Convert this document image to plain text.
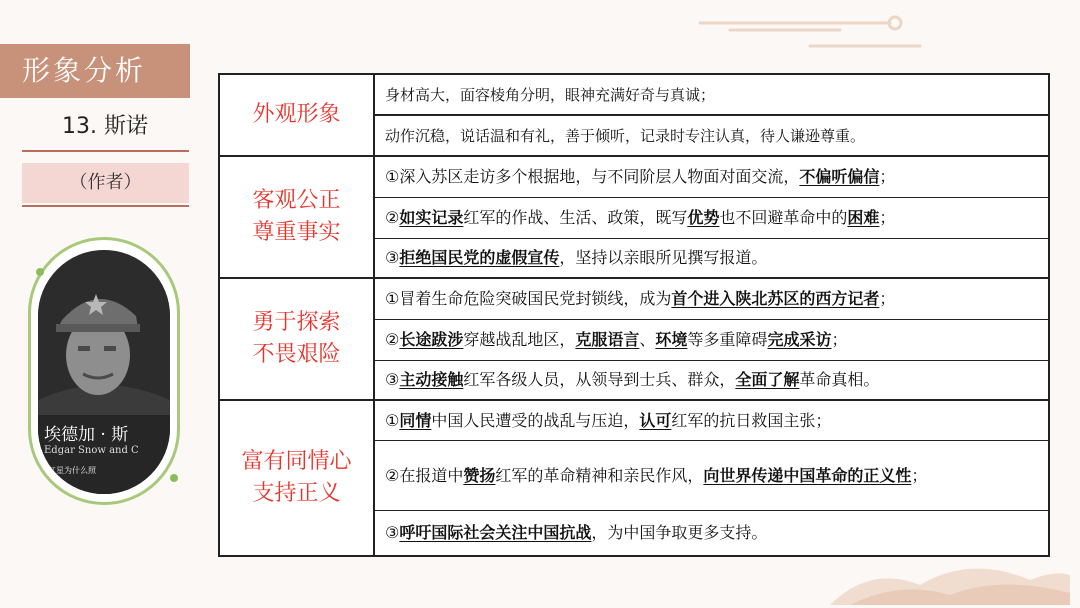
形象分析
13. 斯诺
（作者）
埃德加 · 斯
Edgar Snow and C
红星为什么照
外观形象
客观公正
尊重事实
勇于探索
不畏艰险
富有同情心
支持正义
身材高大，面容棱角分明，眼神充满好奇与真诚；
动作沉稳，说话温和有礼，善于倾听，记录时专注认真，待人谦逊尊重。
①深入苏区走访多个根据地，与不同阶层人物面对面交流，不偏听偏信；
②如实记录红军的作战、生活、政策，既写优势也不回避革命中的困难；
③拒绝国民党的虚假宣传，坚持以亲眼所见撰写报道。
①冒着生命危险突破国民党封锁线，成为首个进入陕北苏区的西方记者；
②长途跋涉穿越战乱地区，克服语言、环境等多重障碍完成采访；
③主动接触红军各级人员，从领导到士兵、群众，全面了解革命真相。
①同情中国人民遭受的战乱与压迫，认可红军的抗日救国主张；
②在报道中赞扬红军的革命精神和亲民作风，向世界传递中国革命的正义性；
③呼吁国际社会关注中国抗战，为中国争取更多支持。
